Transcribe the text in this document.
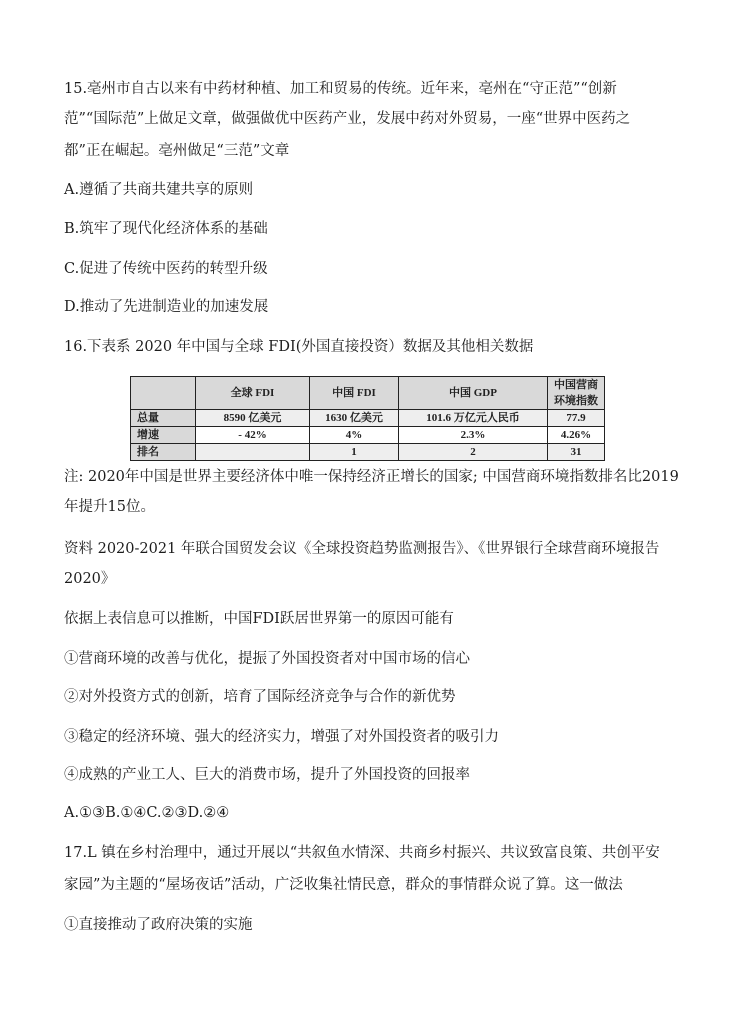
15.亳州市自古以来有中药材种植、加工和贸易的传统。近年来，亳州在“守正范”“创新
范”“国际范”上做足文章，做强做优中医药产业，发展中药对外贸易，一座“世界中医药之
都”正在崛起。亳州做足“三范”文章
A.遵循了共商共建共享的原则
B.筑牢了现代化经济体系的基础
C.促进了传统中医药的转型升级
D.推动了先进制造业的加速发展
16.下表系 2020 年中国与全球 FDI(外国直接投资）数据及其他相关数据
	全球 FDI	中国 FDI	中国 GDP	中国营商环境指数
总量	8590 亿美元	1630 亿美元	101.6 万亿元人民币	77.9
增速	- 42%	4%	2.3%	4.26%
排名		1	2	31
注: 2020年中国是世界主要经济体中唯一保持经济正增长的国家; 中国营商环境指数排名比2019
年提升15位。
资料 2020-2021 年联合国贸发会议《全球投资趋势监测报告》、《世界银行全球营商环境报告
2020》
依据上表信息可以推断，中国FDI跃居世界第一的原因可能有
①营商环境的改善与优化，提振了外国投资者对中国市场的信心
②对外投资方式的创新，培育了国际经济竞争与合作的新优势
③稳定的经济环境、强大的经济实力，增强了对外国投资者的吸引力
④成熟的产业工人、巨大的消费市场，提升了外国投资的回报率
A.①③B.①④C.②③D.②④
17.L 镇在乡村治理中，通过开展以“共叙鱼水情深、共商乡村振兴、共议致富良策、共创平安
家园”为主题的“屋场夜话”活动，广泛收集社情民意，群众的事情群众说了算。这一做法
①直接推动了政府决策的实施
